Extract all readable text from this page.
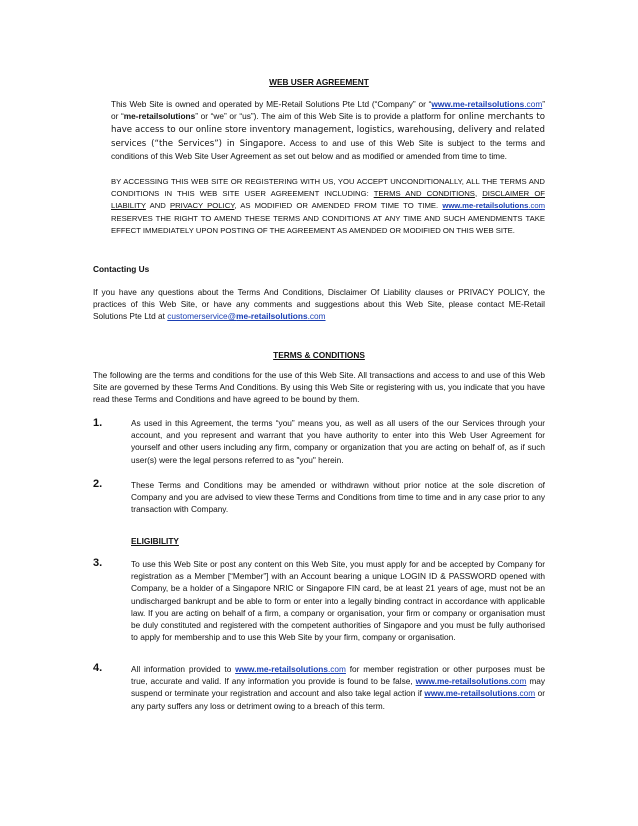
WEB USER AGREEMENT
This Web Site is owned and operated by ME-Retail Solutions Pte Ltd (“Company” or “www.me-retailsolutions.com” or “me-retailsolutions” or “we” or “us”). The aim of this Web Site is to provide a platform for online merchants to have access to our online store inventory management, logistics, warehousing, delivery and related services (“the Services”) in Singapore. Access to and use of this Web Site is subject to the terms and conditions of this Web Site User Agreement as set out below and as modified or amended from time to time.
BY ACCESSING THIS WEB SITE OR REGISTERING WITH US, YOU ACCEPT UNCONDITIONALLY, ALL THE TERMS AND CONDITIONS IN THIS WEB SITE USER AGREEMENT INCLUDING: TERMS AND CONDITIONS, DISCLAIMER OF LIABILITY AND PRIVACY POLICY, AS MODIFIED OR AMENDED FROM TIME TO TIME. www.me-retailsolutions.com RESERVES THE RIGHT TO AMEND THESE TERMS AND CONDITIONS AT ANY TIME AND SUCH AMENDMENTS TAKE EFFECT IMMEDIATELY UPON POSTING OF THE AGREEMENT AS AMENDED OR MODIFIED ON THIS WEB SITE.
Contacting Us
If you have any questions about the Terms And Conditions, Disclaimer Of Liability clauses or PRIVACY POLICY, the practices of this Web Site, or have any comments and suggestions about this Web Site, please contact ME-Retail Solutions Pte Ltd at customerservice@me-retailsolutions.com
TERMS & CONDITIONS
The following are the terms and conditions for the use of this Web Site. All transactions and access to and use of this Web Site are governed by these Terms And Conditions. By using this Web Site or registering with us, you indicate that you have read these Terms and Conditions and have agreed to be bound by them.
1.	As used in this Agreement, the terms “you” means you, as well as all users of the our Services through your account, and you represent and warrant that you have authority to enter into this Web User Agreement for yourself and other users including any firm, company or organization that you are acting on behalf of, as if such user(s) were the legal persons referred to as "you" herein.
2.	These Terms and Conditions may be amended or withdrawn without prior notice at the sole discretion of Company and you are advised to view these Terms and Conditions from time to time and in any case prior to any transaction with Company.
ELIGIBILITY
3.	To use this Web Site or post any content on this Web Site, you must apply for and be accepted by Company for registration as a Member [“Member”] with an Account bearing a unique LOGIN ID & PASSWORD opened with Company, be a holder of a Singapore NRIC or Singapore FIN card, be at least 21 years of age, must not be an undischarged bankrupt and be able to form or enter into a legally binding contract in accordance with applicable law. If you are acting on behalf of a firm, a company or organisation, your firm or company or organisation must be duly constituted and registered with the competent authorities of Singapore and you must be fully authorised to apply for membership and to use this Web Site by your firm, company or organisation.
4.	All information provided to www.me-retailsolutions.com for member registration or other purposes must be true, accurate and valid. If any information you provide is found to be false, www.me-retailsolutions.com may suspend or terminate your registration and account and also take legal action if www.me-retailsolutions.com or any party suffers any loss or detriment owing to a breach of this term.
